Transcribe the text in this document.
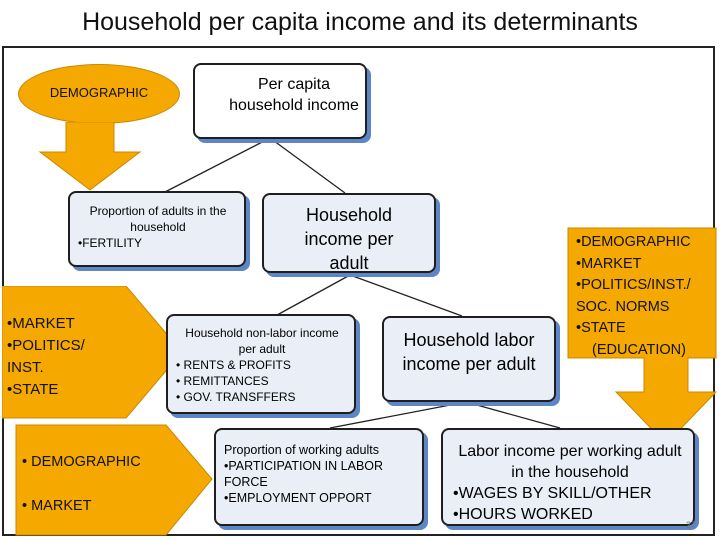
Household per capita income and its determinants
DEMOGRAPHIC	Per capita household income
Proportion of adults in the household
•FERTILITY
Household income per adult
•MARKET
•POLITICS/
INST.
•STATE
Household non-labor income per adult
• RENTS & PROFITS
• REMITTANCES
• GOV. TRANSFFERS
Household labor income per adult
•DEMOGRAPHIC
•MARKET
•POLITICS/INST./
SOC. NORMS
•STATE
(EDUCATION)
• DEMOGRAPHIC
• MARKET
Proportion of working adults
•PARTICIPATION IN LABOR FORCE
•EMPLOYMENT OPPORT
Labor income per working adult in the household
•WAGES BY SKILL/OTHER
•HOURS WORKED
27
